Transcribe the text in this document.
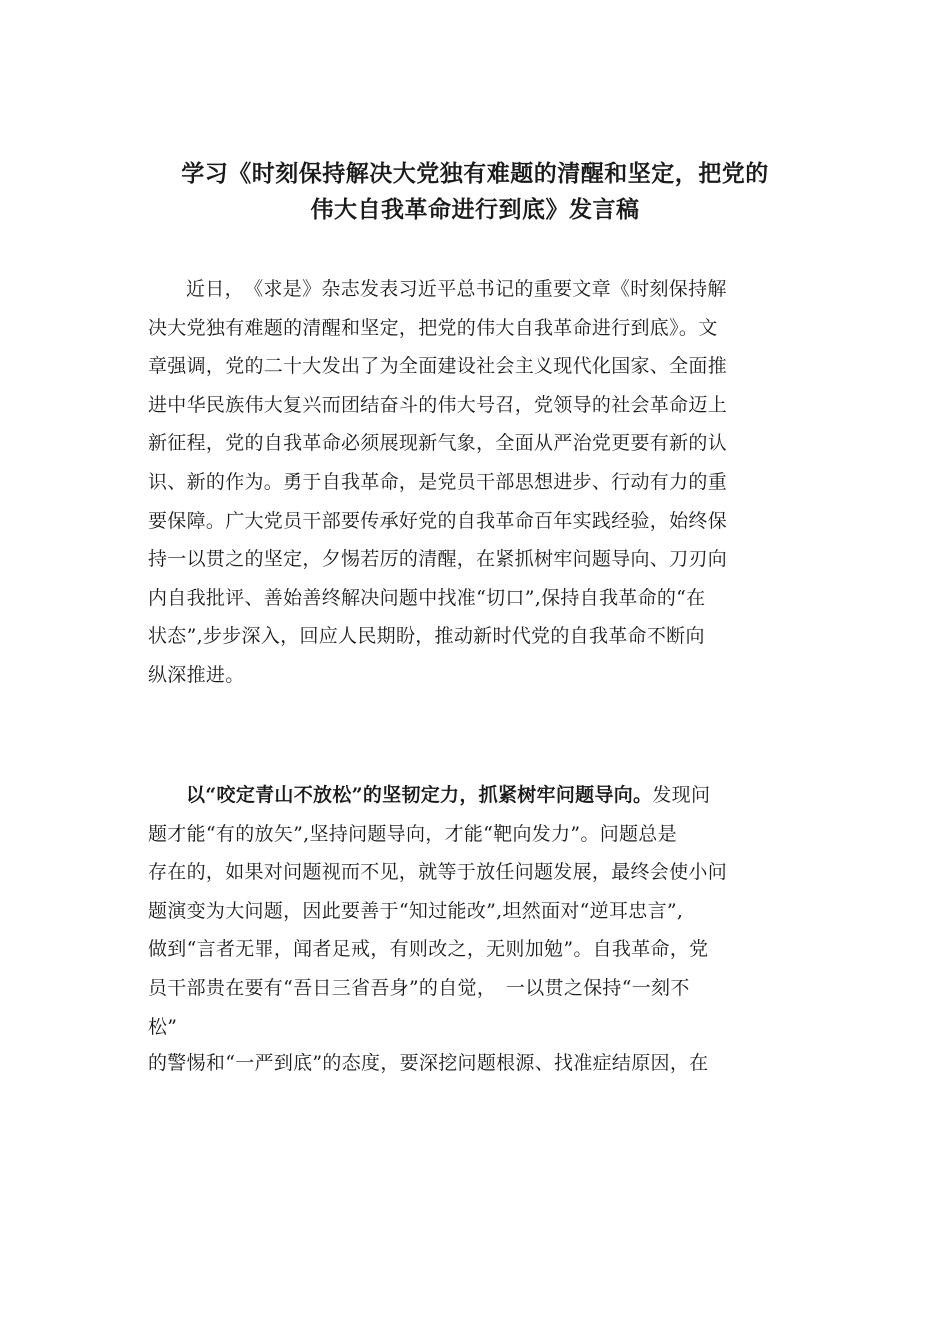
学习《时刻保持解决大党独有难题的清醒和坚定，把党的
伟大自我革命进行到底》发言稿
近日，　《求是》杂志发表习近平总书记的重要文章《时刻保持解
决大党独有难题的清醒和坚定，把党的伟大自我革命进行到底》。文
章强调，党的二十大发出了为全面建设社会主义现代化国家、全面推
进中华民族伟大复兴而团结奋斗的伟大号召，党领导的社会革命迈上
新征程，党的自我革命必须展现新气象，全面从严治党更要有新的认
识、新的作为。勇于自我革命，是党员干部思想进步、行动有力的重
要保障。广大党员干部要传承好党的自我革命百年实践经验，始终保
持一以贯之的坚定，夕惕若厉的清醒，在紧抓树牢问题导向、刀刃向
内自我批评、善始善终解决问题中找准“切口”,保持自我革命的“在
状态”,步步深入，回应人民期盼，推动新时代党的自我革命不断向
纵深推进。
以“咬定青山不放松”的坚韧定力，抓紧树牢问题导向。发现问
题才能“有的放矢”,坚持问题导向，才能“靶向发力”。问题总是
存在的，如果对问题视而不见，就等于放任问题发展，最终会使小问
题演变为大问题，因此要善于“知过能改”,坦然面对“逆耳忠言”,
做到“言者无罪，闻者足戒，有则改之，无则加勉”。自我革命，党
员干部贵在要有“吾日三省吾身”的自觉，　一以贯之保持“一刻不
松”
的警惕和“一严到底”的态度，要深挖问题根源、找准症结原因，在
